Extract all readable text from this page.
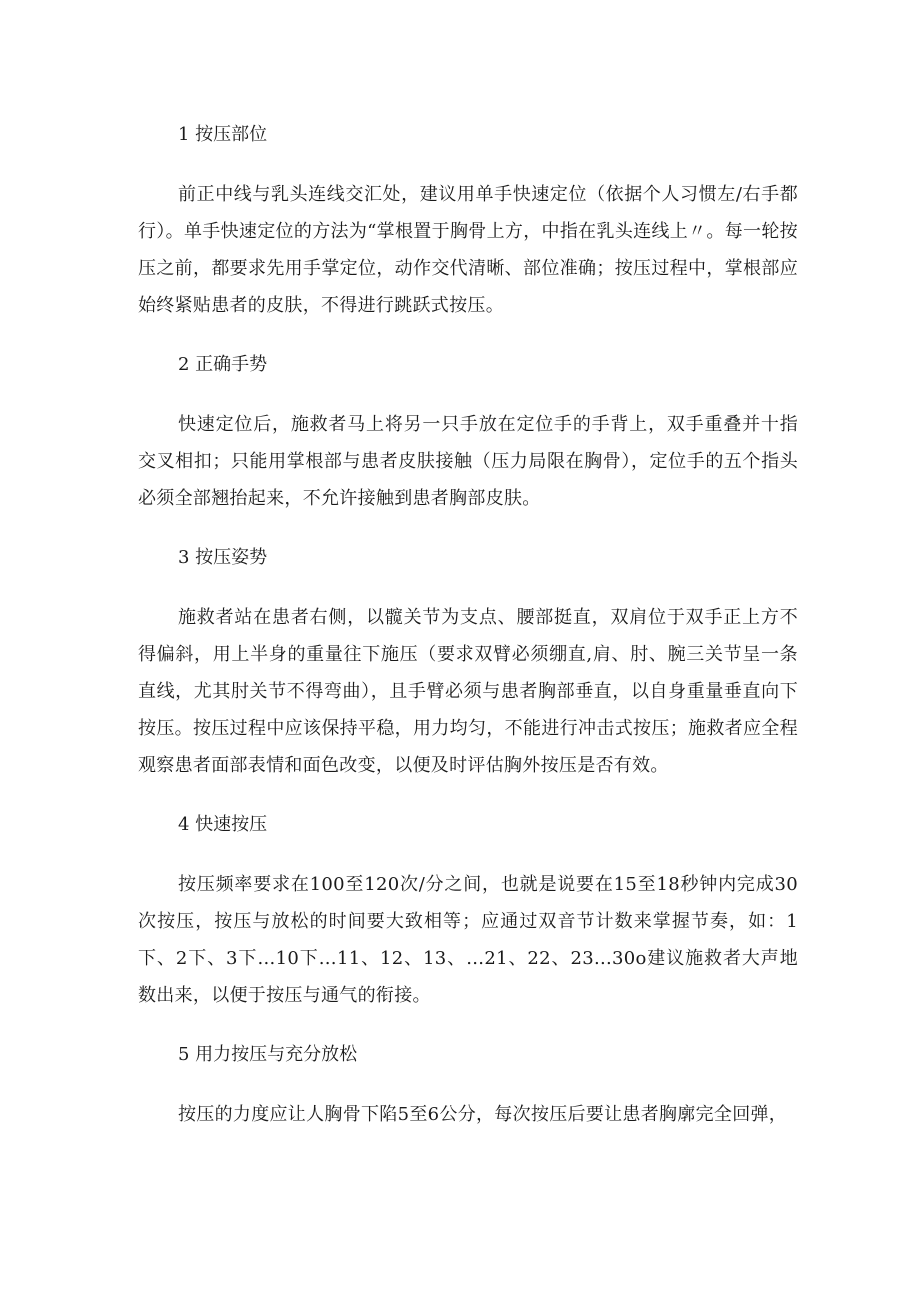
1 按压部位

前正中线与乳头连线交汇处，建议用单手快速定位（依据个人习惯左/右手都行）。单手快速定位的方法为“掌根置于胸骨上方，中指在乳头连线上〃。每一轮按压之前，都要求先用手掌定位，动作交代清晰、部位准确；按压过程中，掌根部应始终紧贴患者的皮肤，不得进行跳跃式按压。

2 正确手势

快速定位后，施救者马上将另一只手放在定位手的手背上，双手重叠并十指交叉相扣；只能用掌根部与患者皮肤接触（压力局限在胸骨），定位手的五个指头必须全部翘抬起来，不允许接触到患者胸部皮肤。

3 按压姿势

施救者站在患者右侧，以髋关节为支点、腰部挺直，双肩位于双手正上方不得偏斜，用上半身的重量往下施压（要求双臂必须绷直,肩、肘、腕三关节呈一条直线，尤其肘关节不得弯曲），且手臂必须与患者胸部垂直，以自身重量垂直向下按压。按压过程中应该保持平稳，用力均匀，不能进行冲击式按压；施救者应全程观察患者面部表情和面色改变，以便及时评估胸外按压是否有效。

4 快速按压

按压频率要求在100至120次/分之间，也就是说要在15至18秒钟内完成30次按压，按压与放松的时间要大致相等；应通过双音节计数来掌握节奏，如：1下、2下、3下…10下…11、12、13、…21、22、23...30o建议施救者大声地数出来，以便于按压与通气的衔接。

5 用力按压与充分放松

按压的力度应让人胸骨下陷5至6公分，每次按压后要让患者胸廓完全回弹，
